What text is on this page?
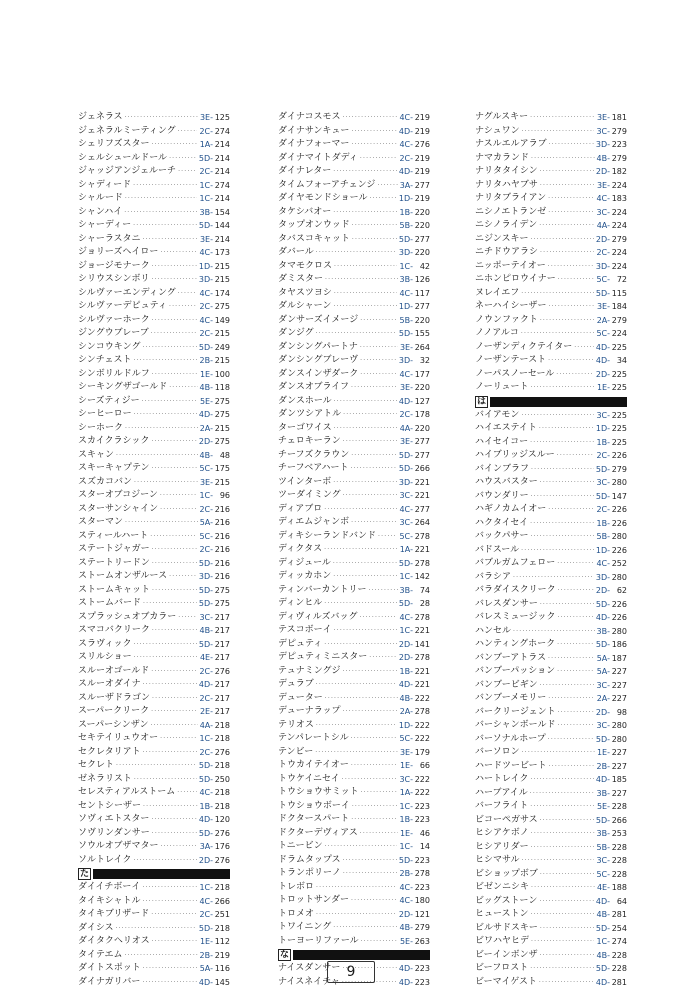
ジェネラス ·····	3E- 125
ジェネラルミーティング ·····	2C- 274
シェリフズスター ·····	1A- 214
シェルシュールドール ·····	5D- 214
ジャッジアンジェルーチ ·····	2C- 214
シャディード ·····	1C- 274
シャルード ·····	1C- 214
シャンハイ ·····	3B- 154
シャーディー ·····	5D- 144
シャーラスタニ ·····	3E- 214
ジョリーズヘイロー ·····	4C- 173
ジョージモナーク ·····	1D- 215
シリウスシンボリ ·····	3D- 215
シルヴァーエンディング ·····	4C- 174
シルヴァーデピュティ ·····	2C- 275
シルヴァーホーク ·····	4C- 149
ジングウブレーブ ·····	2C- 215
シンコウキング ·····	5D- 249
シンチェスト ·····	2B- 215
シンボリルドルフ ·····	1E- 100
シーキングザゴールド ·····	4B- 118
シーズティジー ·····	5E- 275
シーヒーロー ·····	4D- 275
シーホーク ·····	2A- 215
スカイクラシック ·····	2D- 275
スキャン ·····	4B- 48
スキーキャプテン ·····	5C- 175
スズカコバン ·····	3E- 215
スターオブコジーン ·····	1C- 96
スターサンシャイン ·····	2C- 216
スターマン ·····	5A- 216
スティールハート ·····	5C- 216
ステートジャガー ·····	2C- 216
ステートリードン ·····	5D- 216
ストームオンザルース ·····	3D- 216
ストームキャット ·····	5D- 275
ストームバード ·····	5D- 275
スプラッシュオブカラー ·····	3C- 217
スマコバクリーク ·····	4B- 217
スラヴィック ·····	5D- 217
スリルショー ·····	4E- 217
スルーオゴールド ·····	2C- 276
スルーオダイナ ·····	4D- 217
スルーザドラゴン ·····	2C- 217
スーパークリーク ·····	2E- 217
スーパーシンザン ·····	4A- 218
セキテイリュウオー ·····	1C- 218
セクレタリアト ·····	2C- 276
セクレト ·····	5D- 218
ゼネラリスト ·····	5D- 250
セレスティアルストーム ·····	4C- 218
セントシーザー ·····	1B- 218
ソヴィエトスター ·····	4D- 120
ソヴリンダンサー ·····	5D- 276
ソウルオブザマター ·····	3A- 176
ソルトレイク ·····	2D- 276
た
ダイイチボーイ ·····	1C- 218
タイキシャトル ·····	4C- 266
タイキブリザード ·····	2C- 251
ダイシス ·····	5D- 218
ダイタクヘリオス ·····	1E- 112
タイテエム ·····	2B- 219
ダイトスポット ·····	5A- 116
ダイナガリバー ·····	4D- 145
ダイナコスモス ·····	4C- 219
ダイナサンキュー ·····	4D- 219
ダイナフォーマー ·····	4C- 276
ダイナマイトダディ ·····	2C- 219
ダイナレター ·····	4D- 219
タイムフォーアチェンジ ·····	3A- 277
ダイヤモンドショール ·····	1D- 219
タケシバオー ·····	1B- 220
タップオンウッド ·····	5B- 220
タバスコキャット ·····	5D- 277
ダバール ·····	3D- 220
タマモクロス ·····	1C- 42
ダミスター ·····	3B- 126
タヤスツヨシ ·····	4C- 117
ダルシャーン ·····	1D- 277
ダンサーズイメージ ·····	5B- 220
ダンジグ ·····	5D- 155
ダンシングパートナ ·····	3E- 264
ダンシングブレーヴ ·····	3D- 32
ダンスインザダーク ·····	4C- 177
ダンスオブライフ ·····	3E- 220
ダンスホール ·····	4D- 127
ダンツシアトル ·····	2C- 178
ターゴワイス ·····	4A- 220
チェロキーラン ·····	3E- 277
チーフズクラウン ·····	5D- 277
チーフベアハート ·····	5D- 266
ツインターボ ·····	3D- 221
ツーダイミング ·····	3C- 221
ディアブロ ·····	4C- 277
ディエムジャンボ ·····	3C- 264
ディキシーランドバンド ·····	5C- 278
ディクタス ·····	1A- 221
ディジュール ·····	5D- 278
ディッカホン ·····	1C- 142
ティンバーカントリー ·····	3B- 74
ディンヒル ·····	5D- 28
ディヴィルズバッグ ·····	4C- 278
テスコボーイ ·····	1C- 221
デピュティ ·····	2D- 141
デピュティミニスター ·····	2D- 278
テュナミングジ ·····	1B- 221
デュラブ ·····	4D- 221
デューター ·····	4B- 222
デューナラップ ·····	2A- 278
テリオス ·····	1D- 222
テンパレートシル ·····	5C- 222
テンビー ·····	3E- 179
トウカイテイオー ·····	1E- 66
トウケイニセイ ·····	3C- 222
トウショウサミット ·····	1A- 222
トウショウボーイ ·····	1C- 223
ドクタースパート ·····	1B- 223
ドクターデヴィアス ·····	1E- 46
トニービン ·····	1C- 14
ドラムタップス ·····	5D- 223
トランポリーノ ·····	2B- 278
トレボロ ·····	4C- 223
トロットサンダー ·····	4C- 180
トロメオ ·····	2D- 121
トワイニング ·····	4B- 279
トーヨーリファール ·····	5E- 263
な
ナイスダンサー ·····	4D- 223
ナイスネイチャ ·····	4D- 223
ナグルスキー ·····	3E- 181
ナシュワン ·····	3C- 279
ナスルエルアラブ ·····	3D- 223
ナマカランド ·····	4B- 279
ナリタタイシン ·····	2D- 182
ナリタハヤブサ ·····	3E- 224
ナリタブライアン ·····	4C- 183
ニシノエトランゼ ·····	3C- 224
ニシノライデン ·····	4A- 224
ニジンスキー ·····	2D- 279
ニチドウアラシ ·····	2C- 224
ニッポーテイオー ·····	3D- 224
ニホンピロウイナー ·····	5C- 72
ヌレイエフ ·····	5D- 115
ネーハイシーザー ·····	3E- 184
ノウンファクト ·····	2A- 279
ノノアルコ ·····	5C- 224
ノーザンディクテイター ·····	4D- 225
ノーザンテースト ·····	4D- 34
ノーパスノーセール ·····	2D- 225
ノーリュート ·····	1E- 225
は
バイアモン ·····	3C- 225
ハイエステイト ·····	1D- 225
ハイセイコー ·····	1B- 225
ハイブリッジスルー ·····	2C- 226
バインブラフ ·····	5D- 279
ハウスバスター ·····	3C- 280
バウンダリー ·····	5D- 147
ハギノカムイオー ·····	2C- 226
ハクタイセイ ·····	1B- 226
バックパサー ·····	5B- 280
バドスール ·····	1D- 226
バブルガムフェロー ·····	4C- 252
バラシア ·····	3D- 280
バラダイスクリーク ·····	2D- 62
バレスダンサー ·····	5D- 226
バレスミュージック ·····	4D- 226
ハンセル ·····	3B- 280
ハンティングホーク ·····	5D- 186
バンブーアトラス ·····	5A- 187
バンブーパッション ·····	5A- 227
バンブービギン ·····	3C- 227
バンブーメモリー ·····	2A- 227
バークリージェント ·····	2D- 98
バーシャンボールド ·····	3C- 280
バーソナルホープ ·····	5D- 280
バーソロン ·····	1E- 227
ハードツービート ·····	2B- 227
ハートレイク ·····	4D- 185
ハーブアイル ·····	3B- 227
バーフライト ·····	5E- 228
ビコーペガサス ·····	5D- 266
ヒシアケボノ ·····	3B- 253
ヒシアリダー ·····	5B- 228
ヒシマサル ·····	3C- 228
ビショップボブ ·····	5C- 228
ビゼンニシキ ·····	4E- 188
ビッグストーン ·····	4D- 64
ヒューストン ·····	4B- 281
ビルサドスキー ·····	5D- 254
ビワハヤヒデ ·····	1C- 274
ビーインボンザ ·····	4B- 228
ビーフロスト ·····	5D- 228
ビーマイゲスト ·····	4D- 281
9
